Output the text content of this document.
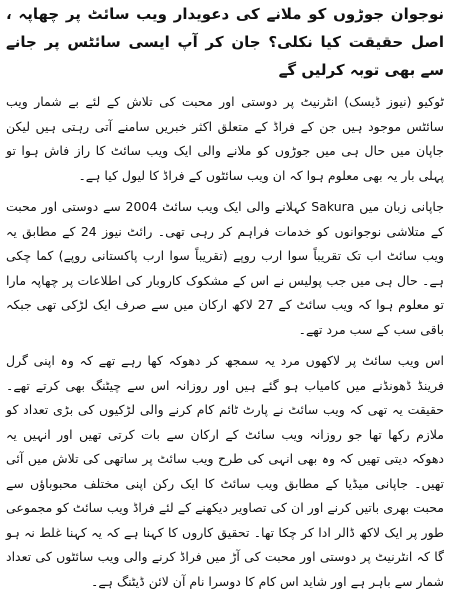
نوجوان جوڑوں کو ملانے کی دعویدار ویب سائٹ پر چھاپہ ، اصل حقیقت کیا نکلی؟ جان کر آپ ایسی سائٹس پر جانے سے بھی توبہ کرلیں گے

ٹوکیو (نیوز ڈیسک) انٹرنیٹ پر دوستی اور محبت کی تلاش کے لئے بے شمار ویب سائٹس موجود ہیں جن کے فراڈ کے متعلق اکثر خبریں سامنے آتی رہتی ہیں لیکن جاپان میں حال ہی میں جوڑوں کو ملانے والی ایک ویب سائٹ کا راز فاش ہوا تو پہلی بار یہ بھی معلوم ہوا کہ ان ویب سائٹوں کے فراڈ کا لیول کیا ہے۔

جاپانی زبان میں Sakura کہلانے والی ایک ویب سائٹ 2004 سے دوستی اور محبت کے متلاشی نوجوانوں کو خدمات فراہم کر رہی تھی۔ رائٹ نیوز 24 کے مطابق یہ ویب سائٹ اب تک تقریباً سوا ارب روپے (تقریباً سوا ارب پاکستانی روپے) کما چکی ہے۔ حال ہی میں جب پولیس نے اس کے مشکوک کاروبار کی اطلاعات پر چھاپہ مارا تو معلوم ہوا کہ ویب سائٹ کے 27 لاکھ ارکان میں سے صرف ایک لڑکی تھی جبکہ باقی سب کے سب مرد تھے۔

اس ویب سائٹ پر لاکھوں مرد یہ سمجھ کر دھوکہ کھا رہے تھے کہ وہ اپنی گرل فرینڈ ڈھونڈنے میں کامیاب ہو گئے ہیں اور روزانہ اس سے چیٹنگ بھی کرتے تھے۔ حقیقت یہ تھی کہ ویب سائٹ نے پارٹ ٹائم کام کرنے والی لڑکیوں کی بڑی تعداد کو ملازم رکھا تھا جو روزانہ ویب سائٹ کے ارکان سے بات کرتی تھیں اور انہیں یہ دھوکہ دیتی تھیں کہ وہ بھی انہی کی طرح ویب سائٹ پر ساتھی کی تلاش میں آئی تھیں۔ جاپانی میڈیا کے مطابق ویب سائٹ کا ایک رکن اپنی مختلف محبوباؤں سے محبت بھری باتیں کرنے اور ان کی تصاویر دیکھنے کے لئے فراڈ ویب سائٹ کو مجموعی طور پر ایک لاکھ ڈالر ادا کر چکا تھا۔ تحقیق کاروں کا کہنا ہے کہ یہ کہنا غلط نہ ہو گا کہ انٹرنیٹ پر دوستی اور محبت کی آڑ میں فراڈ کرنے والی ویب سائٹوں کی تعداد شمار سے باہر ہے اور شاید اس کام کا دوسرا نام آن لائن ڈیٹنگ ہے۔
